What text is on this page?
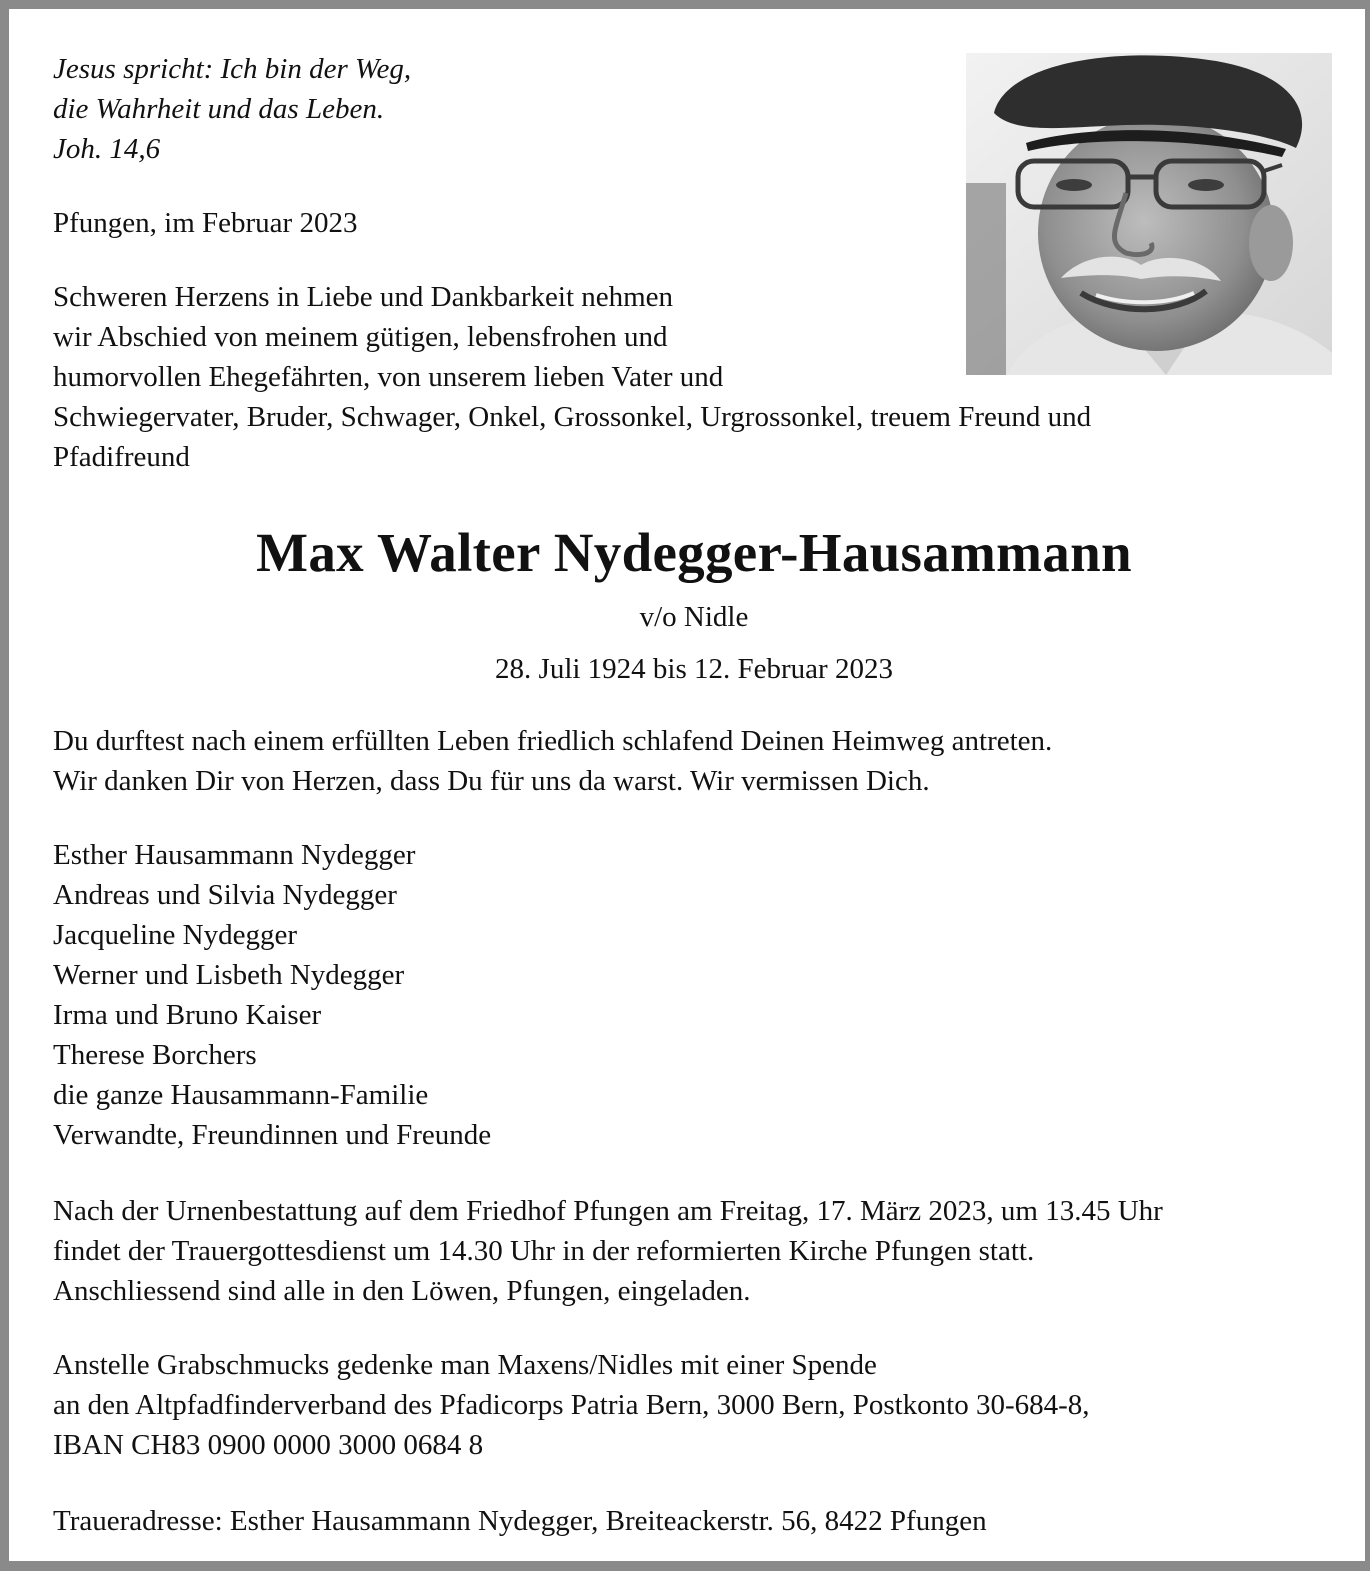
Jesus spricht: Ich bin der Weg,
die Wahrheit und das Leben.
Joh. 14,6

Pfungen, im Februar 2023

Schweren Herzens in Liebe und Dankbarkeit nehmen
wir Abschied von meinem gütigen, lebensfrohen und
humorvollen Ehegefährten, von unserem lieben Vater und
Schwiegervater, Bruder, Schwager, Onkel, Grossonkel, Urgrossonkel, treuem Freund und
Pfadifreund
Max Walter Nydegger-Hausammann
v/o Nidle
28. Juli 1924 bis 12. Februar 2023
Du durftest nach einem erfüllten Leben friedlich schlafend Deinen Heimweg antreten.
Wir danken Dir von Herzen, dass Du für uns da warst. Wir vermissen Dich.
Esther Hausammann Nydegger
Andreas und Silvia Nydegger
Jacqueline Nydegger
Werner und Lisbeth Nydegger
Irma und Bruno Kaiser
Therese Borchers
die ganze Hausammann-Familie
Verwandte, Freundinnen und Freunde
Nach der Urnenbestattung auf dem Friedhof Pfungen am Freitag, 17. März 2023, um 13.45 Uhr
findet der Trauergottesdienst um 14.30 Uhr in der reformierten Kirche Pfungen statt.
Anschliessend sind alle in den Löwen, Pfungen, eingeladen.
Anstelle Grabschmucks gedenke man Maxens/Nidles mit einer Spende
an den Altpfadfinderverband des Pfadicorps Patria Bern, 3000 Bern, Postkonto 30-684-8,
IBAN CH83 0900 0000 3000 0684 8

Traueradresse: Esther Hausammann Nydegger, Breiteackerstr. 56, 8422 Pfungen
